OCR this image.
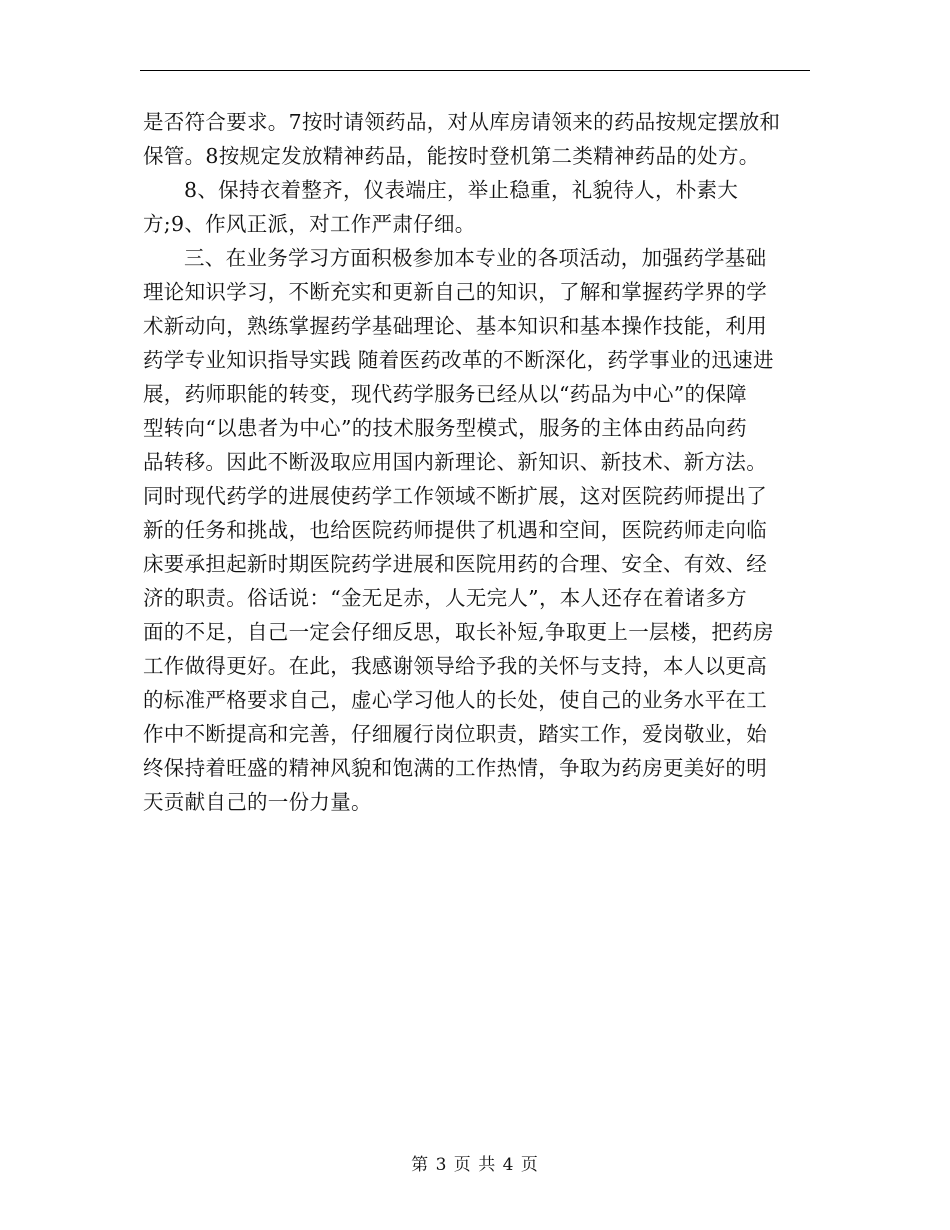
是否符合要求。7按时请领药品，对从库房请领来的药品按规定摆放和
保管。8按规定发放精神药品，能按时登机第二类精神药品的处方。
8、保持衣着整齐，仪表端庄，举止稳重，礼貌待人，朴素大
方;9、作风正派，对工作严肃仔细。
三、在业务学习方面积极参加本专业的各项活动，加强药学基础
理论知识学习，不断充实和更新自己的知识，了解和掌握药学界的学
术新动向，熟练掌握药学基础理论、基本知识和基本操作技能，利用
药学专业知识指导实践 随着医药改革的不断深化，药学事业的迅速进
展，药师职能的转变，现代药学服务已经从以“药品为中心”的保障
型转向“以患者为中心”的技术服务型模式，服务的主体由药品向药
品转移。因此不断汲取应用国内新理论、新知识、新技术、新方法。
同时现代药学的进展使药学工作领域不断扩展，这对医院药师提出了
新的任务和挑战，也给医院药师提供了机遇和空间，医院药师走向临
床要承担起新时期医院药学进展和医院用药的合理、安全、有效、经
济的职责。俗话说：“金无足赤，人无完人”，本人还存在着诸多方
面的不足，自己一定会仔细反思，取长补短,争取更上一层楼，把药房
工作做得更好。在此，我感谢领导给予我的关怀与支持，本人以更高
的标准严格要求自己，虚心学习他人的长处，使自己的业务水平在工
作中不断提高和完善，仔细履行岗位职责，踏实工作，爱岗敬业，始
终保持着旺盛的精神风貌和饱满的工作热情，争取为药房更美好的明
天贡献自己的一份力量。
第 3 页 共 4 页
